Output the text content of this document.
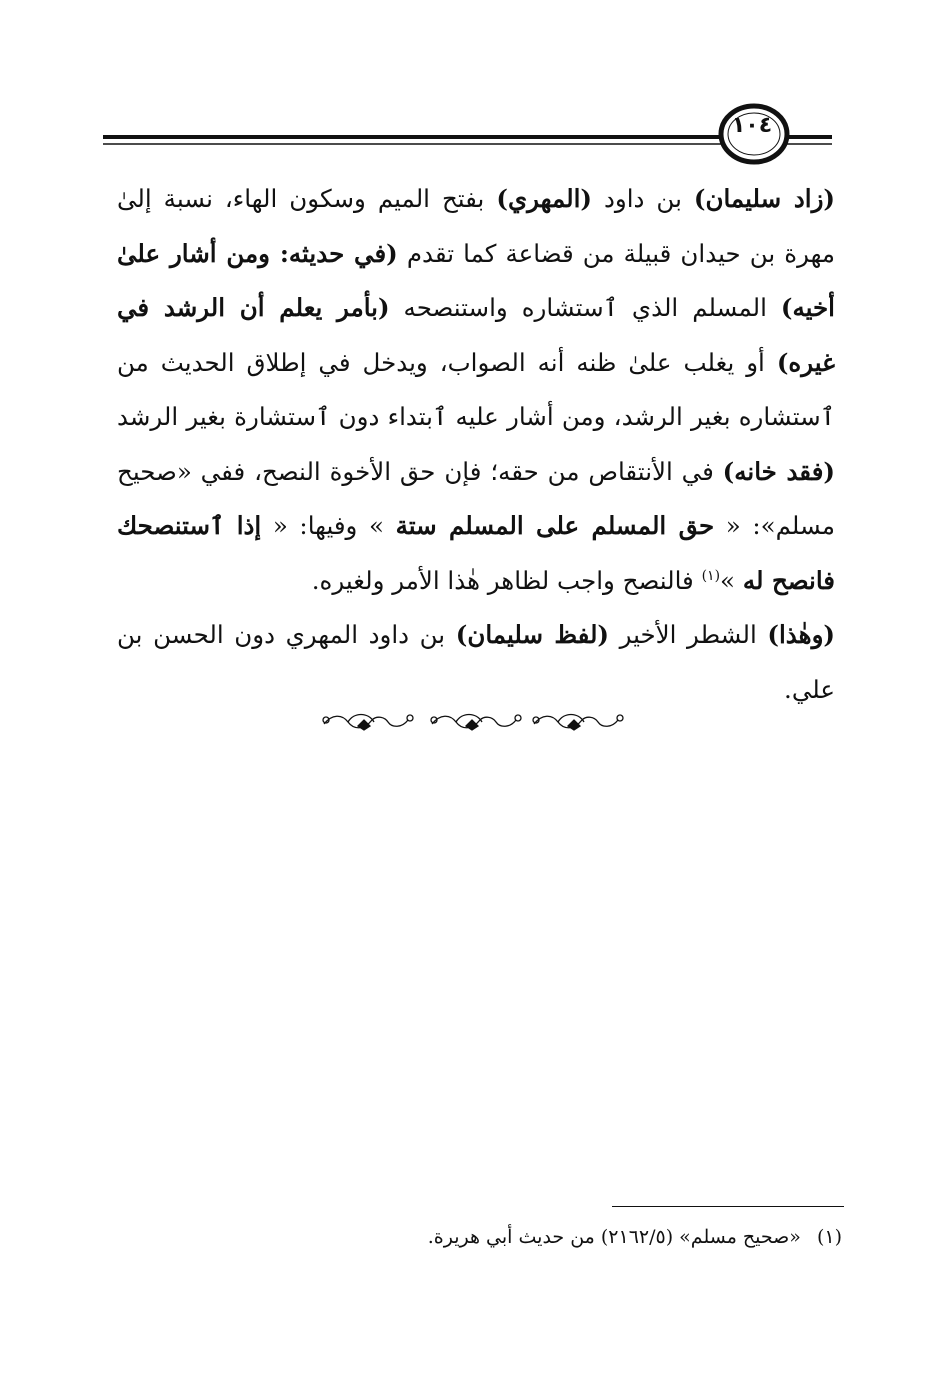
١٠٤

(زاد سليمان) بن داود (المهري) بفتح الميم وسكون الهاء، نسبة إلىٰ مهرة بن حيدان قبيلة من قضاعة كما تقدم (في حديثه: ومن أشار علىٰ أخيه) المسلم الذي ٱستشاره واستنصحه (بأمر يعلم أن الرشد في غيره) أو يغلب علىٰ ظنه أنه الصواب، ويدخل في إطلاق الحديث من ٱستشاره بغير الرشد، ومن أشار عليه ٱبتداء دون ٱستشارة بغير الرشد (فقد خانه) في الأنتقاص من حقه؛ فإن حق الأخوة النصح، ففي «صحيح مسلم»: « حق المسلم على المسلم ستة » وفيها: « إذا ٱستنصحك فانصح له »$^{(١)}$ فالنصح واجب لظاهر هٰذا الأمر ولغيره.

(وهٰذا) الشطر الأخير (لفظ سليمان) بن داود المهري دون الحسن بن علي.

(١)«صحيح مسلم» (٢١٦٢/٥) من حديث أبي هريرة.
